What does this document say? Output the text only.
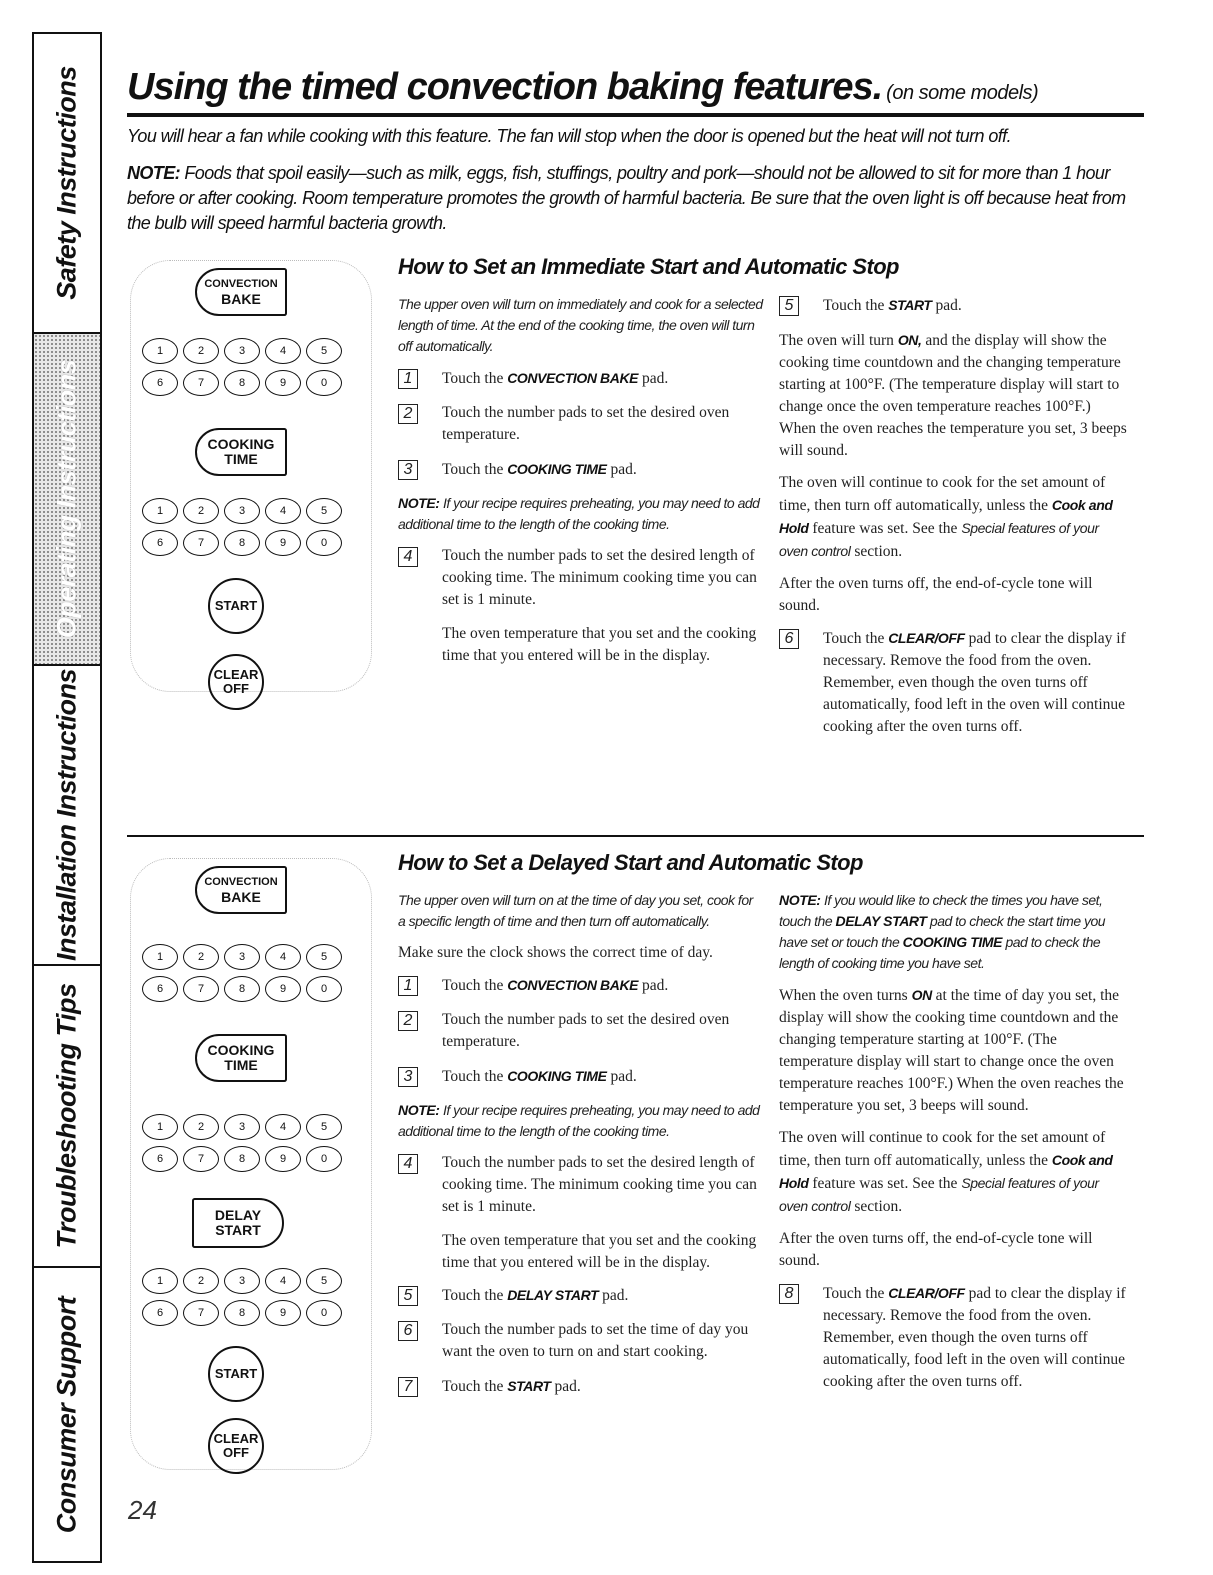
Safety Instructions
Operating Instructions
Installation Instructions
Troubleshooting Tips
Consumer Support
Using the timed convection baking features. (on some models)
You will hear a fan while cooking with this feature. The fan will stop when the door is opened but the heat will not turn off.
NOTE: Foods that spoil easily—such as milk, eggs, fish, stuffings, poultry and pork—should not be allowed to sit for more than 1 hour before or after cooking. Room temperature promotes the growth of harmful bacteria. Be sure that the oven light is off because heat from the bulb will speed harmful bacteria growth.
CONVECTION
BAKE
1	2	3	4	5
6	7	8	9	0
COOKING
TIME
1	2	3	4	5
6	7	8	9	0
START
CLEAR
OFF
How to Set an Immediate Start and Automatic Stop

The upper oven will turn on immediately and cook for a selected length of time. At the end of the cooking time, the oven will turn off automatically.

1	Touch the CONVECTION BAKE pad.
2	Touch the number pads to set the desired oven temperature.
3	Touch the COOKING TIME pad.

NOTE: If your recipe requires preheating, you may need to add additional time to the length of the cooking time.

4	Touch the number pads to set the desired length of cooking time. The minimum cooking time you can set is 1 minute.
The oven temperature that you set and the cooking time that you entered will be in the display.
5	Touch the START pad.

The oven will turn ON, and the display will show the cooking time countdown and the changing temperature starting at 100°F. (The temperature display will start to change once the oven temperature reaches 100°F.) When the oven reaches the temperature you set, 3 beeps will sound.

The oven will continue to cook for the set amount of time, then turn off automatically, unless the Cook and Hold feature was set. See the Special features of your oven control section.

After the oven turns off, the end-of-cycle tone will sound.

6	Touch the CLEAR/OFF pad to clear the display if necessary. Remove the food from the oven. Remember, even though the oven turns off automatically, food left in the oven will continue cooking after the oven turns off.
CONVECTION
BAKE
1	2	3	4	5
6	7	8	9	0
COOKING
TIME
1	2	3	4	5
6	7	8	9	0
DELAY
START
1	2	3	4	5
6	7	8	9	0
START
CLEAR
OFF
How to Set a Delayed Start and Automatic Stop

The upper oven will turn on at the time of day you set, cook for a specific length of time and then turn off automatically.

Make sure the clock shows the correct time of day.

1	Touch the CONVECTION BAKE pad.
2	Touch the number pads to set the desired oven temperature.
3	Touch the COOKING TIME pad.

NOTE: If your recipe requires preheating, you may need to add additional time to the length of the cooking time.

4	Touch the number pads to set the desired length of cooking time. The minimum cooking time you can set is 1 minute.
The oven temperature that you set and the cooking time that you entered will be in the display.
5	Touch the DELAY START pad.
6	Touch the number pads to set the time of day you want the oven to turn on and start cooking.
7	Touch the START pad.

NOTE: If you would like to check the times you have set, touch the DELAY START pad to check the start time you have set or touch the COOKING TIME pad to check the length of cooking time you have set.

When the oven turns ON at the time of day you set, the display will show the cooking time countdown and the changing temperature starting at 100°F. (The temperature display will start to change once the oven temperature reaches 100°F.) When the oven reaches the temperature you set, 3 beeps will sound.

The oven will continue to cook for the set amount of time, then turn off automatically, unless the Cook and Hold feature was set. See the Special features of your oven control section.

After the oven turns off, the end-of-cycle tone will sound.

8	Touch the CLEAR/OFF pad to clear the display if necessary. Remove the food from the oven. Remember, even though the oven turns off automatically, food left in the oven will continue cooking after the oven turns off.
24
